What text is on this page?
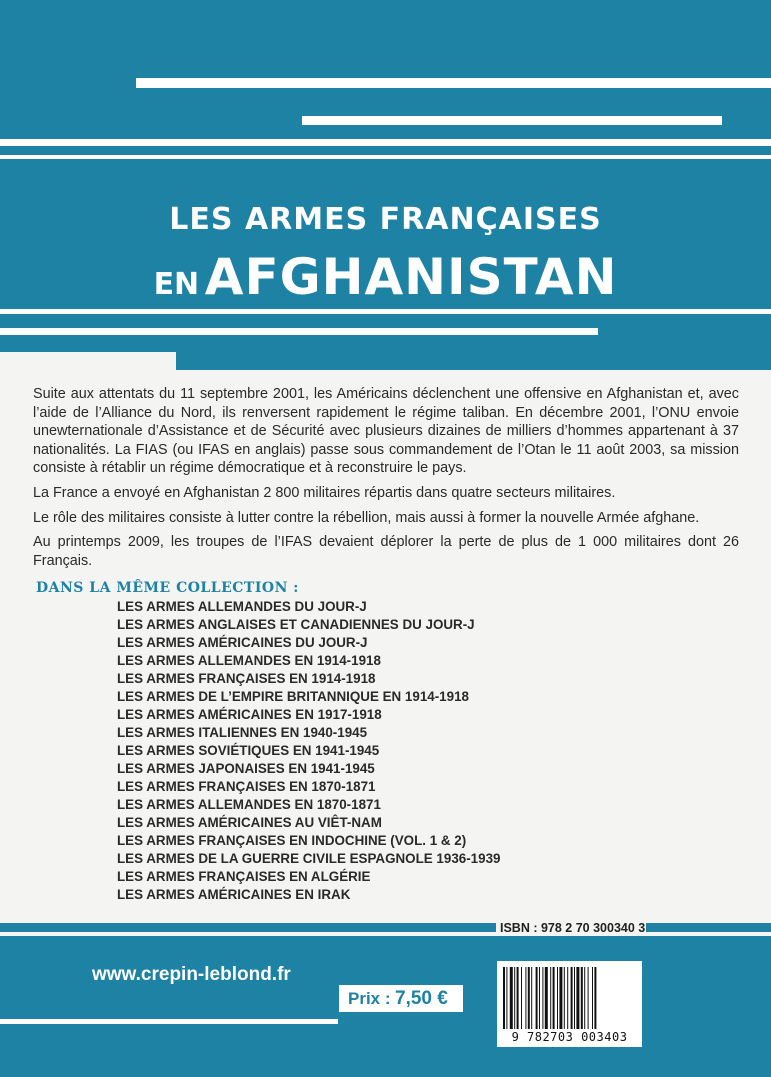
LES ARMES FRANÇAISES
EN AFGHANISTAN

Suite aux attentats du 11 septembre 2001, les Américains déclenchent une offensive en Afghanistan et, avec l’aide de l’Alliance du Nord, ils renversent rapidement le régime taliban. En décembre 2001, l’ONU envoie unewternationale d’Assistance et de Sécurité avec plusieurs dizaines de milliers d’hommes appartenant à 37 nationalités. La FIAS (ou IFAS en anglais) passe sous commandement de l’Otan le 11 août 2003, sa mission consiste à rétablir un régime démocratique et à reconstruire le pays.

La France a envoyé en Afghanistan 2 800 militaires répartis dans quatre secteurs militaires.

Le rôle des militaires consiste à lutter contre la rébellion, mais aussi à former la nouvelle Armée afghane.

Au printemps 2009, les troupes de l’IFAS devaient déplorer la perte de plus de 1 000 militaires dont 26 Français.

DANS LA MÊME COLLECTION :
LES ARMES ALLEMANDES DU JOUR-J
LES ARMES ANGLAISES ET CANADIENNES DU JOUR-J
LES ARMES AMÉRICAINES DU JOUR-J
LES ARMES ALLEMANDES EN 1914-1918
LES ARMES FRANÇAISES EN 1914-1918
LES ARMES DE L’EMPIRE BRITANNIQUE EN 1914-1918
LES ARMES AMÉRICAINES EN 1917-1918
LES ARMES ITALIENNES EN 1940-1945
LES ARMES SOVIÉTIQUES EN 1941-1945
LES ARMES JAPONAISES EN 1941-1945
LES ARMES FRANÇAISES EN 1870-1871
LES ARMES ALLEMANDES EN 1870-1871
LES ARMES AMÉRICAINES AU VIÊT-NAM
LES ARMES FRANÇAISES EN INDOCHINE (VOL. 1 & 2)
LES ARMES DE LA GUERRE CIVILE ESPAGNOLE 1936-1939
LES ARMES FRANÇAISES EN ALGÉRIE
LES ARMES AMÉRICAINES EN IRAK
ISBN : 978 2 70 300340 3
www.crepin-leblond.fr
Prix : 7,50 €
9 782703 003403
